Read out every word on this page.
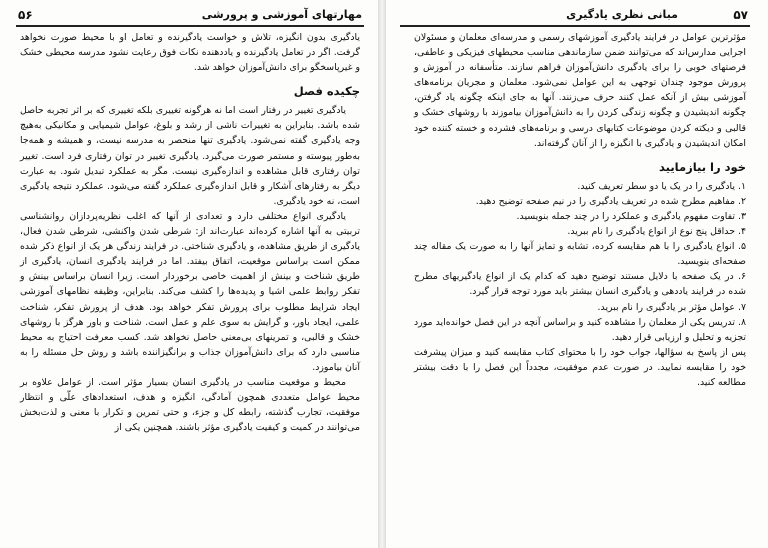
۵۶	مهارتهای آموزشی و پرورشی

یادگیری بدون انگیزه، تلاش و خواست یادگیرنده و تعامل او با محیط صورت نخواهد گرفت. اگر در تعامل یادگیرنده و یاددهنده نکات فوق رعایت نشود مدرسه محیطی خشک و غیرپاسخگو برای دانش‌آموزان خواهد شد.

چکیده فصل

یادگیری تغییر در رفتار است اما نه هرگونه تغییری بلکه تغییری که بر اثر تجربه حاصل شده باشد. بنابراین به تغییرات ناشی از رشد و بلوغ، عوامل شیمیایی و مکانیکی به‌هیچ وجه یادگیری گفته نمی‌شود. یادگیری تنها منحصر به مدرسه نیست، و همیشه و همه‌جا به‌طور پیوسته و مستمر صورت می‌گیرد. یادگیری تغییر در توان رفتاری فرد است. تغییر توان رفتاری قابل مشاهده و اندازه‌گیری نیست. مگر به عملکرد تبدیل شود. به عبارت دیگر به رفتارهای آشکار و قابل اندازه‌گیری عملکرد گفته می‌شود. عملکرد نتیجه یادگیری است، نه خود یادگیری.

یادگیری انواع مختلفی دارد و تعدادی از آنها که اغلب نظریه‌پردازان روانشناسی تربیتی به آنها اشاره کرده‌اند عبارت‌اند از: شرطی شدن واکنشی، شرطی شدن فعال، یادگیری از طریق مشاهده، و یادگیری شناختی. در فرایند زندگی هر یک از انواع ذکر شده ممکن است براساس موقعیت، اتفاق بیفتد. اما در فرایند یادگیری انسان، یادگیری از طریق شناخت و بینش از اهمیت خاصی برخوردار است. زیرا انسان براساس بینش و تفکر روابط علمی اشیا و پدیده‌ها را کشف می‌کند. بنابراین، وظیفه نظامهای آموزشی ایجاد شرایط مطلوب برای پرورش تفکر خواهد بود. هدف از پرورش تفکر، شناخت علمی، ایجاد باور، و گرایش به سوی علم و عمل است. شناخت و باور هرگز با روشهای خشک و قالبی، و تمرینهای بی‌معنی حاصل نخواهد شد. کسب معرفت احتیاج به محیط مناسبی دارد که برای دانش‌آموزان جذاب و برانگیزاننده باشد و روش حل مسئله را به آنان بیاموزد.

محیط و موقعیت مناسب در یادگیری انسان بسیار مؤثر است. از عوامل علاوه بر محیط عوامل متعددی همچون آمادگی، انگیزه و هدف، استعدادهای علّی و انتظار موفقیت، تجارب گذشته، رابطه کل و جزء، و حتی تمرین و تکرار با معنی و لذت‌بخش می‌توانند در کمیت و کیفیت یادگیری مؤثر باشند. همچنین یکی از

۵۷
مبانی نظری یادگیری

مؤثرترین عوامل در فرایند یادگیری آموزشهای رسمی و مدرسه‌ای معلمان و مسئولان اجرایی مدارس‌اند که می‌توانند ضمن سازماندهی مناسب محیطهای فیزیکی و عاطفی، فرصتهای خوبی را برای یادگیری دانش‌آموزان فراهم سازند. متأسفانه در آموزش و پرورش موجود چندان توجهی به این عوامل نمی‌شود. معلمان و مجریان برنامه‌های آموزشی بیش از آنکه عمل کنند حرف می‌زنند. آنها به جای اینکه چگونه یاد گرفتن، چگونه اندیشیدن و چگونه زندگی کردن را به دانش‌آموزان بیاموزند با روشهای خشک و قالبی و دیکته کردن موضوعات کتابهای درسی و برنامه‌های فشرده و خسته کننده خود امکان اندیشیدن و یادگیری با انگیزه را از آنان گرفته‌اند.

خود را بیازمایید
۱. یادگیری را در یک یا دو سطر تعریف کنید.
۲. مفاهیم مطرح شده در تعریف یادگیری را در نیم صفحه توضیح دهید.
۳. تفاوت مفهوم یادگیری و عملکرد را در چند جمله بنویسید.
۴. حداقل پنج نوع از انواع یادگیری را نام ببرید.
۵. انواع یادگیری را با هم مقایسه کرده، تشابه و تمایز آنها را به صورت یک مقاله چند صفحه‌ای بنویسید.
۶. در یک صفحه با دلایل مستند توضیح دهید که کدام یک از انواع یادگیریهای مطرح شده در فرایند یاددهی و یادگیری انسان بیشتر باید مورد توجه قرار گیرد.
۷. عوامل مؤثر بر یادگیری را نام ببرید.
۸. تدریس یکی از معلمان را مشاهده کنید و براساس آنچه در این فصل خوانده‌اید مورد تجزیه و تحلیل و ارزیابی قرار دهید.

پس از پاسخ به سؤالها، جواب خود را با محتوای کتاب مقایسه کنید و میزان پیشرفت خود را مقایسه نمایید. در صورت عدم موفقیت، مجدداً این فصل را با دقت بیشتر مطالعه کنید.
